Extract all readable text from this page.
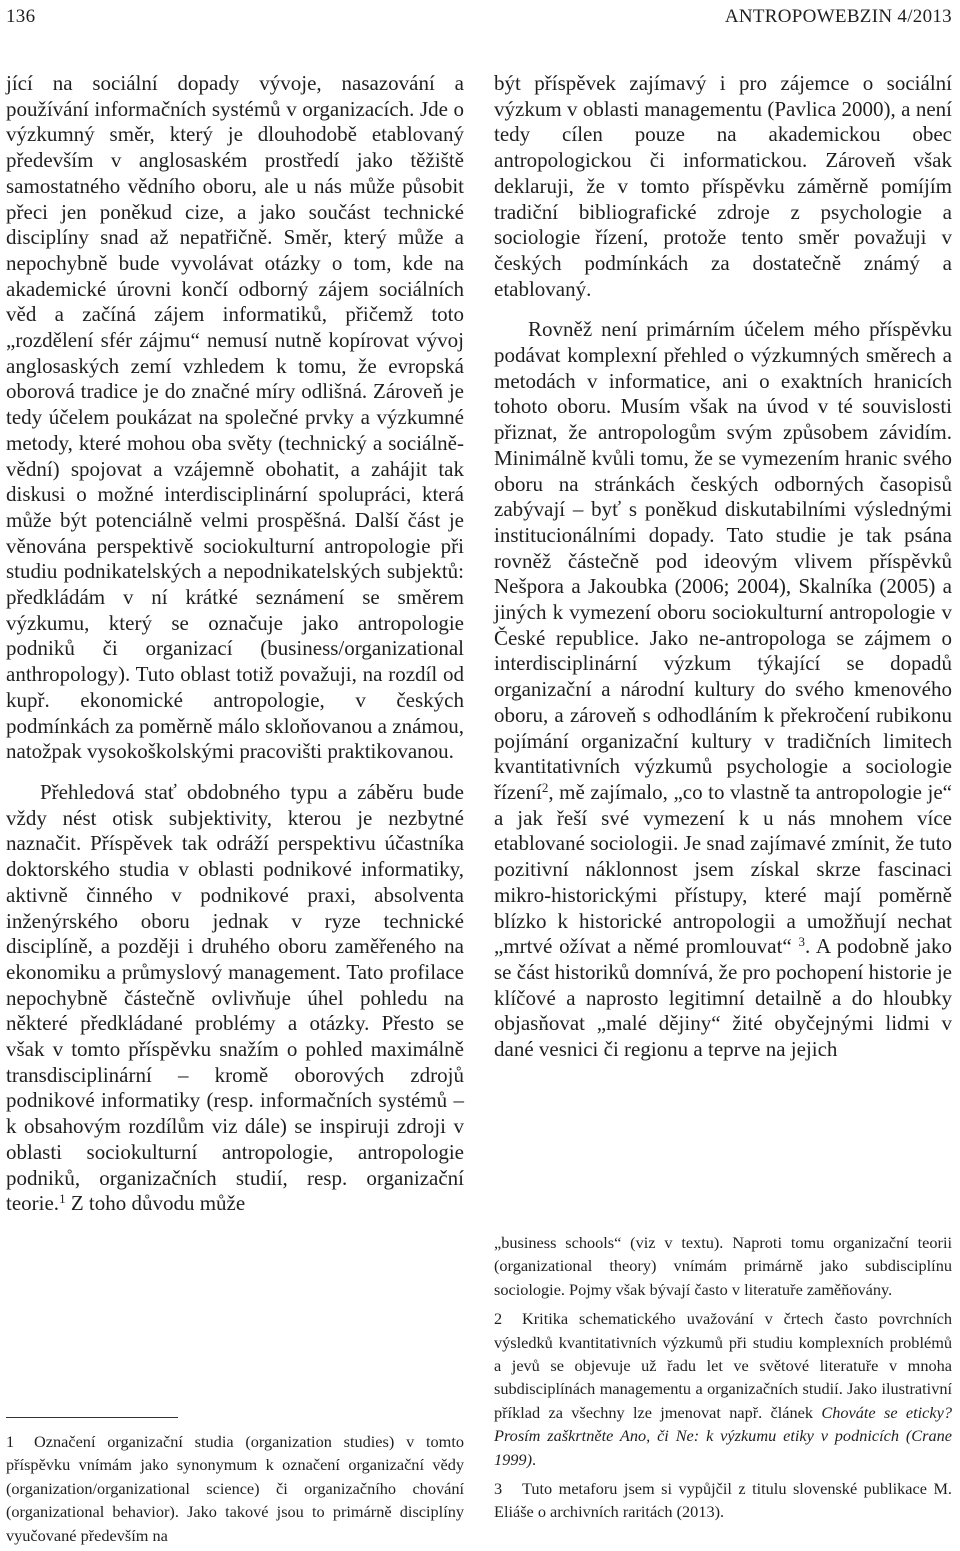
136	ANTROPOWEBZIN 4/2013

jící na sociální dopady vývoje, nasazování a používání informačních systémů v organizacích. Jde o výzkumný směr, který je dlouhodobě etablovaný především v anglosaském prostředí jako těžiště samostatného vědního oboru, ale u nás může působit přeci jen poněkud cize, a jako součást technické disciplíny snad až nepatřičně. Směr, který může a nepochybně bude vyvolávat otázky o tom, kde na akademické úrovni končí odborný zájem sociálních věd a začíná zájem informatiků, přičemž toto „rozdělení sfér zájmu“ nemusí nutně kopírovat vývoj anglosaských zemí vzhledem k tomu, že evropská oborová tradice je do značné míry odlišná. Zároveň je tedy účelem poukázat na společné prvky a výzkumné metody, které mohou oba světy (technický a sociálně-vědní) spojovat a vzájemně obohatit, a zahájit tak diskusi o možné interdisciplinární spolupráci, která může být potenciálně velmi prospěšná. Další část je věnována perspektivě sociokulturní antropologie při studiu podnikatelských a nepodnikatelských subjektů: předkládám v ní krátké seznámení se směrem výzkumu, který se označuje jako antropologie podniků či organizací (business/organizational anthropology). Tuto oblast totiž považuji, na rozdíl od kupř. ekonomické antropologie, v českých podmínkách za poměrně málo skloňovanou a známou, natožpak vysokoškolskými pracovišti praktikovanou.

Přehledová stať obdobného typu a záběru bude vždy nést otisk subjektivity, kterou je nezbytné naznačit. Příspěvek tak odráží perspektivu účastníka doktorského studia v oblasti podnikové informatiky, aktivně činného v podnikové praxi, absolventa inženýrského oboru jednak v ryze technické disciplíně, a později i druhého oboru zaměřeného na ekonomiku a průmyslový management. Tato profilace nepochybně částečně ovlivňuje úhel pohledu na některé předkládané problémy a otázky. Přesto se však v tomto příspěvku snažím o pohled maximálně transdisciplinární – kromě oborových zdrojů podnikové informatiky (resp. informačních systémů – k obsahovým rozdílům viz dále) se inspiruji zdroji v oblasti sociokulturní antropologie, antropologie podniků, organizačních studií, resp. organizační teorie.$^1$ Z toho důvodu může

být příspěvek zajímavý i pro zájemce o sociální výzkum v oblasti managementu (Pavlica 2000), a není tedy cílen pouze na akademickou obec antropologickou či informatickou. Zároveň však deklaruji, že v tomto příspěvku záměrně pomíjím tradiční bibliografické zdroje z psychologie a sociologie řízení, protože tento směr považuji v českých podmínkách za dostatečně známý a etablovaný.

Rovněž není primárním účelem mého příspěvku podávat komplexní přehled o výzkumných směrech a metodách v informatice, ani o exaktních hranicích tohoto oboru. Musím však na úvod v té souvislosti přiznat, že antropologům svým způsobem závidím. Minimálně kvůli tomu, že se vymezením hranic svého oboru na stránkách českých odborných časopisů zabývají – byť s poněkud diskutabilními výslednými institucionálními dopady. Tato studie je tak psána rovněž částečně pod ideovým vlivem příspěvků Nešpora a Jakoubka (2006; 2004), Skalníka (2005) a jiných k vymezení oboru sociokulturní antropologie v České republice. Jako ne-antropologa se zájmem o interdisciplinární výzkum týkající se dopadů organizační a národní kultury do svého kmenového oboru, a zároveň s odhodláním k překročení rubikonu pojímání organizační kultury v tradičních limitech kvantitativních výzkumů psychologie a sociologie řízení$^2$, mě zajímalo, „co to vlastně ta antropologie je“ a jak řeší své vymezení k u nás mnohem více etablované sociologii. Je snad zajímavé zmínit, že tuto pozitivní náklonnost jsem získal skrze fascinaci mikro-historickými přístupy, které mají poměrně blízko k historické antropologii a umožňují nechat „mrtvé ožívat a němé promlouvat“ $^3$. A podobně jako se část historiků domnívá, že pro pochopení historie je klíčové a naprosto legitimní detailně a do hloubky objasňovat „malé dějiny“ žité obyčejnými lidmi v dané vesnici či regionu a teprve na jejich

1 Označení organizační studia (organization studies) v tomto příspěvku vnímám jako synonymum k označení organizační vědy (organization/organizational science) či organizačního chování (organizational behavior). Jako takové jsou to primárně disciplíny vyučované především na

„business schools“ (viz v textu). Naproti tomu organizační teorii (organizational theory) vnímám primárně jako subdisciplínu sociologie. Pojmy však bývají často v literatuře zaměňovány.

2 Kritika schematického uvažování v črtech často povrchních výsledků kvantitativních výzkumů při studiu komplexních problémů a jevů se objevuje už řadu let ve světové literatuře v mnoha subdisciplínách managementu a organizačních studií. Jako ilustrativní příklad za všechny lze jmenovat např. článek Chováte se eticky? Prosím zaškrtněte Ano, či Ne: k výzkumu etiky v podnicích (Crane 1999).

3 Tuto metaforu jsem si vypůjčil z titulu slovenské publikace M. Eliáše o archivních raritách (2013).
